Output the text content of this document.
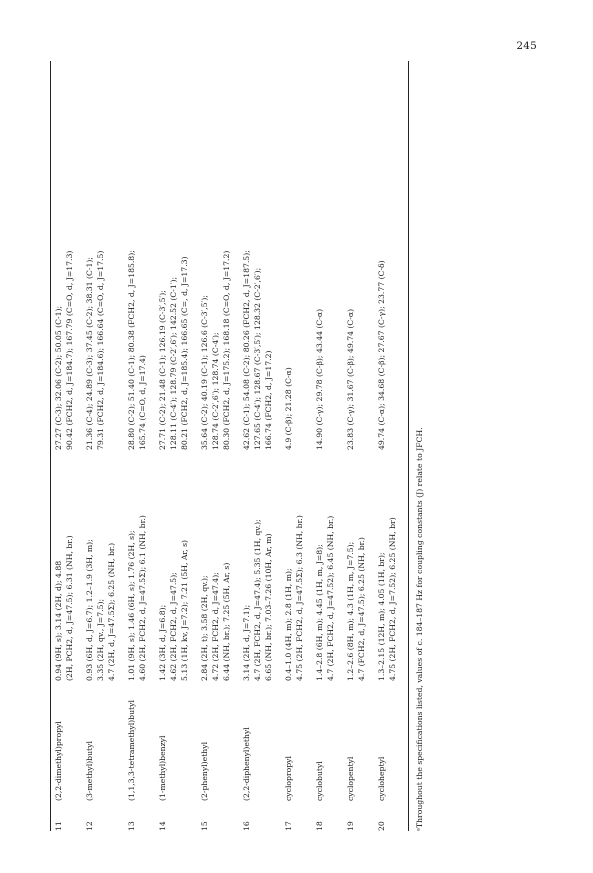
245
11	(2,2-dimethyl)propyl	0.94 (9H, s); 3.14 (2H, d); 4.88 (2H, PCH2, d, J=47.5); 6.31 (NH, br.)	27.27 (C-3); 32.06 (C-2); 50.05 (C-1); 90.42 (FCH2, d, J=184.7); 167.79 (C=O, d, J=17.3)

12	(3-methyl)butyl	0.93 (6H, d, J=6.7); 1.2–1.9 (3H, m); 3.35 (2H, qv., J=7.5); 4.7 (2H, d, J=47.5Σ); 6.25 (NH, br.)	21.36 (C-4); 24.89 (C-3); 37.45 (C-2); 38.31 (C-1); 79.31 (FCH2, d, J=184.6); 166.64 (C=O, d, J=17.5)

13	(1,1,3,3-tetramethyl)butyl	1.01 (9H, s); 1.46 (6H, s); 1.76 (2H, s); 4.60 (2H, FCH2, d, J=47.5Σ); 6.1 (NH, br.)	28.80 (C-2); 51.40 (C-1); 80.38 (FCH2, d, J=185.8); 165.74 (C=O, d, J=17.4)

14	(1-methyl)benzyl	1.42 (3H, d, J=6.8); 4.62 (2H, FCH2, d, J=47.5); 5.13 (1H, kv, J=7.2); 7.21 (5H, Ar, s)	27.71 (C-2); 21.48 (C-1); 126.19 (C-3′,5′); 128.11 (C-4′); 128.79 (C-2′,6′); 142.52 (C-1′); 80.21 (FCH2, d, J=185.4); 166.65 (C=, d, J=17.3)

15	(2-phenyl)ethyl	2.84 (2H, t); 3.58 (2H, qv.); 4.72 (2H, FCH2, d, J=47.4); 6.44 (NH, br.); 7.25 (5H, Ar, s)	35.64 (C-2); 40.19 (C-1); 126.6 (C-3′,5′); 128.74 (C-2′,6′); 128.74 (C-4′); 80.30 (FCH2, d, J=175.2); 168.18 (C=O, d, J=17.2)

16	(2,2-diphenyl)ethyl	3.14 (2H, d, J=7.1); 4.7 (2H, FCH2, d, J=47.4); 5.35 (1H, qv.); 6.65 (NH, br.); 7.03–7.26 (10H, Ar, m)	42.62 (C-1); 54.08 (C-2); 80.26 (FCH2, d, J=187.5); 127.65 (C-4′); 128.67 (C-3′,5′); 128.32 (C-2′,6′); 166.74 (FCH2, d, J=17.2)

17	cyclopropyl	0.4–1.0 (4H, m); 2.8 (1H, m); 4.75 (2H, FCH2, d, J=47.5Σ); 6.3 (NH, br.)	4.9 (C-β); 21.28 (C-α)

18	cyclobutyl	1.4–2.8 (6H, m); 4.45 (1H, m, J=8); 4.7 (2H, FCH2, d, J=47.52); 6.45 (NH, br.)	14.90 (C-γ); 29.78 (C-β); 43.44 (C-α)

19	cyclopentyl	1.2–2.6 (8H, m); 4.3 (1H, m, J=7.5); 4.7 (FCH2, d, J=47.5); 6.25 (NH, br.)	23.83 (C-γ); 31.67 (C-β); 49.74 (C-α)

20	cycloheptyl	1.3–2.15 (12H, m); 4.05 (1H, br); 4.75 (2H, FCH2, d, J=7.52); 6.25 (NH, br)	49.74 (C-α); 34.68 (C-β); 27.67 (C-γ); 23.77 (C-δ)
ᵃThroughout the specifications listed, values of c. 184–187 Hz for coupling constants (J) relate to JFCH.
